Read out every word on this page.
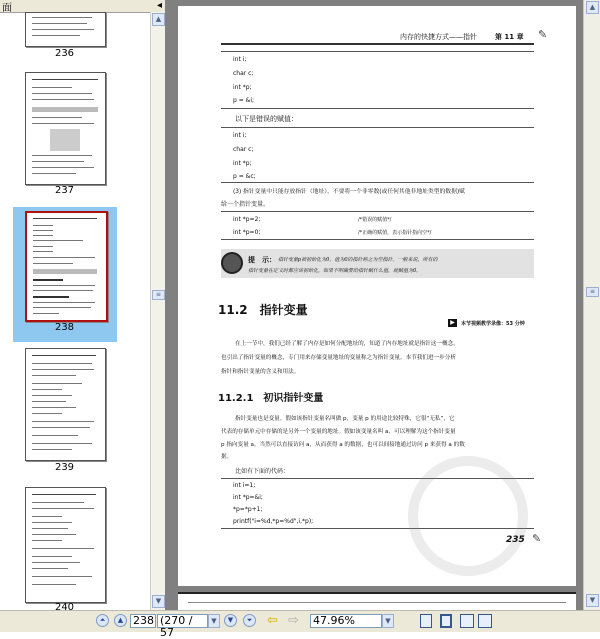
面	◂
236
237
238
239
240
▲
≡
▼
内存的快捷方式——指针	第 11 章 ✎
int i;
char c;
int *p;
p = &i;
以下是错误的赋值：
int i;
char c;
int *p;
p = &c;
(3) 指针变量中只能存放指针（地址），不要将一个非零数(或任何其他非地址类型的数据)赋
给一个指针变量。
int *p=2;	/*错误的赋值*/
int *p=0;	/*正确的赋值，表示指针指向空*/
提　示： 指针变量p被初始化为0，值为0的指针称之为空指针。一般来说，所有的
指针变量在定义时都应该初始化，如果不明确要给指针赋什么值，就赋值为0。
11.2　指针变量
▶	本节视频教学录像：53 分钟
在上一节中，我们已经了解了内存是如何分配地址的，知道了内存地址就是指针这一概念。
也引出了指针变量的概念，专门用来存储变量地址的变量称之为指针变量。本节我们进一步分析
指针和指针变量的含义和用法。
11.2.1　初识指针变量
指针变量也是变量。假如该指针变量名叫做 p，变量 p 的用途比较特殊，它很“无私”，它
代表的存储单元中存储的是另外一个变量的地址。假如该变量名叫 a，可以理解为这个指针变量
p 指向变量 a。当然可以直接访问 a，从而获得 a 的数据，也可以间接地通过访问 p 来获得 a 的数
据。
比如有下面的代码：
int i=1;
int *p=&i;
*p=*p+1;
printf("i=%d,*p=%d",i,*p);
235 ✎
▲
≡
▼
⏶	▲ 238 (270 / 57
▼	▼	⏷ ⇦ ⇨ 47.96%	▼
